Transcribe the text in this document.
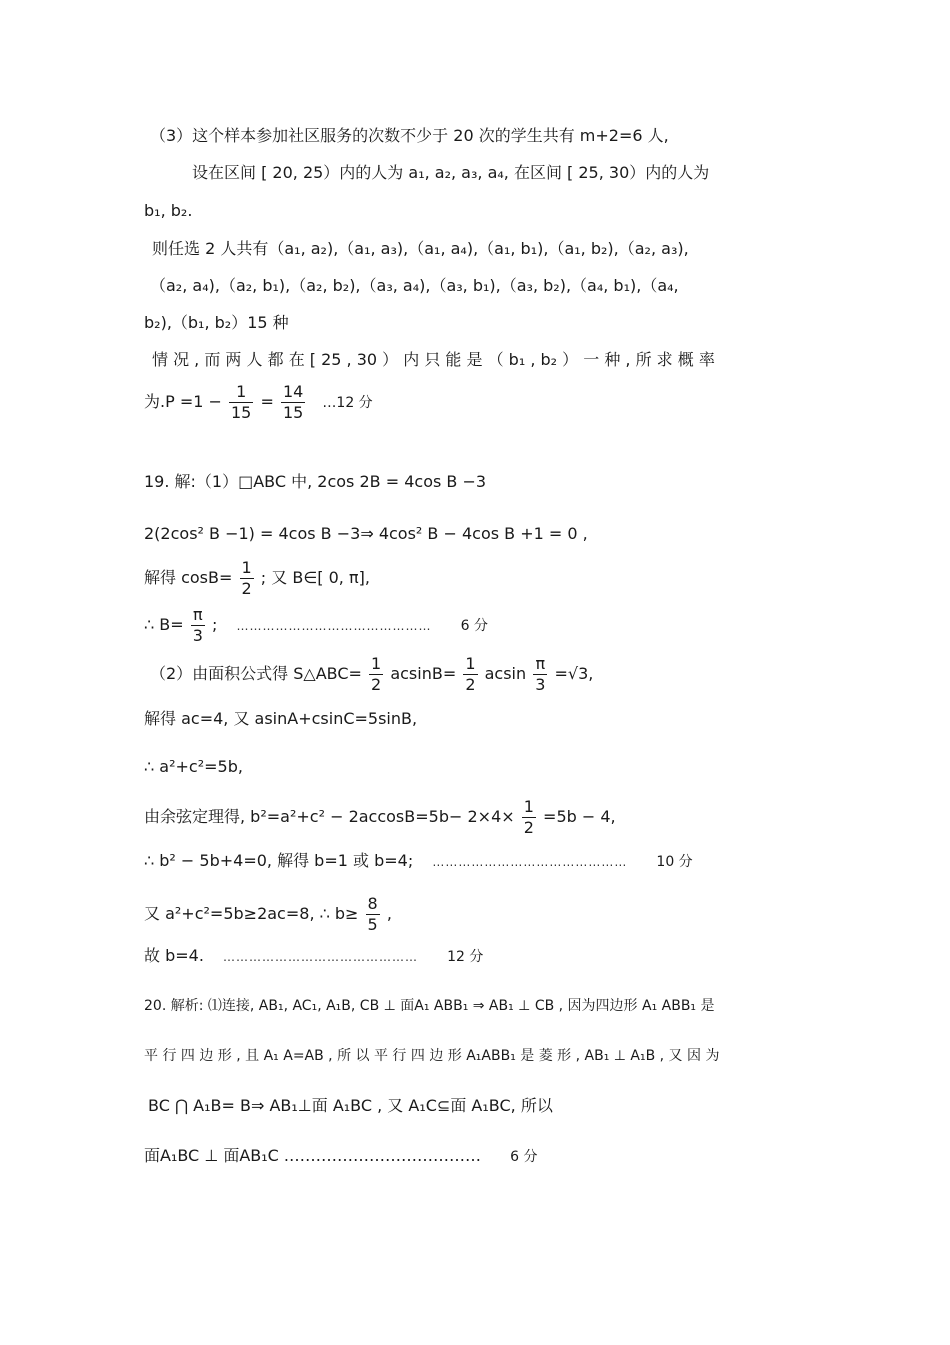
（3）这个样本参加社区服务的次数不少于 20 次的学生共有 m+2=6 人,
设在区间 [ 20, 25）内的人为 a₁, a₂, a₃, a₄, 在区间 [ 25, 30）内的人为
b₁, b₂.
则任选 2 人共有（a₁, a₂),（a₁, a₃),（a₁, a₄),（a₁, b₁),（a₁, b₂),（a₂, a₃),
（a₂, a₄),（a₂, b₁),（a₂, b₂),（a₃, a₄),（a₃, b₁),（a₃, b₂),（a₄, b₁),（a₄,
b₂),（b₁, b₂）15 种
情 况 , 而 两 人 都 在 [ 25 , 30 ） 内 只 能 是 （ b₁ , b₂ ） 一 种 , 所 求 概 率
为$.P =1 - \frac{1}{15} = \frac{14}{15}$ …12 分
19. 解:（1）□ABC 中, 2cos 2B = 4cos B −3
2(2cos² B −1) = 4cos B −3⇒ 4cos² B − 4cos B +1 = 0 ,
解得 $\cos B= \frac{1}{2}$ ; 又 B∈[ 0, π],
∴ $B= \frac{\pi}{3}$ ; ……………………………………… 6 分
（2）由面积公式得 S△ABC= $\frac{1}{2} acsinB= \frac{1}{2}$ acsin $\frac{\pi}{3} =√3$,
解得 ac=4, 又 asinA+csinC=5sinB,
∴ a²+c²=5b,
由余弦定理得, $b^2=a^2+c^2 - 2accosB=5b- 2\times 4\times \frac{1}{2} =5b - 4$,
∴ b² − 5b+4=0, 解得 b=1 或 b=4; ……………………………………… 10 分
又 a²+c²=5b≥2ac=8, ∴ $b\ge \frac{8}{5}$ ,
故 b=4. ……………………………………… 12 分
20. 解析: ⑴连接, AB₁, AC₁, A₁B, CB ⊥ 面A₁ ABB₁ ⇒ AB₁ ⊥ CB , 因为四边形 A₁ ABB₁ 是
平 行 四 边 形 , 且 A₁ A=AB , 所 以 平 行 四 边 形 A₁ABB₁ 是 菱 形 , AB₁ ⊥ A₁B , 又 因 为
BC ⋂ A₁B= B⇒ AB₁⊥面 A₁BC , 又 A₁C⊆面 A₁BC, 所以
面A₁BC ⊥ 面AB₁C .……………………………… 6 分
